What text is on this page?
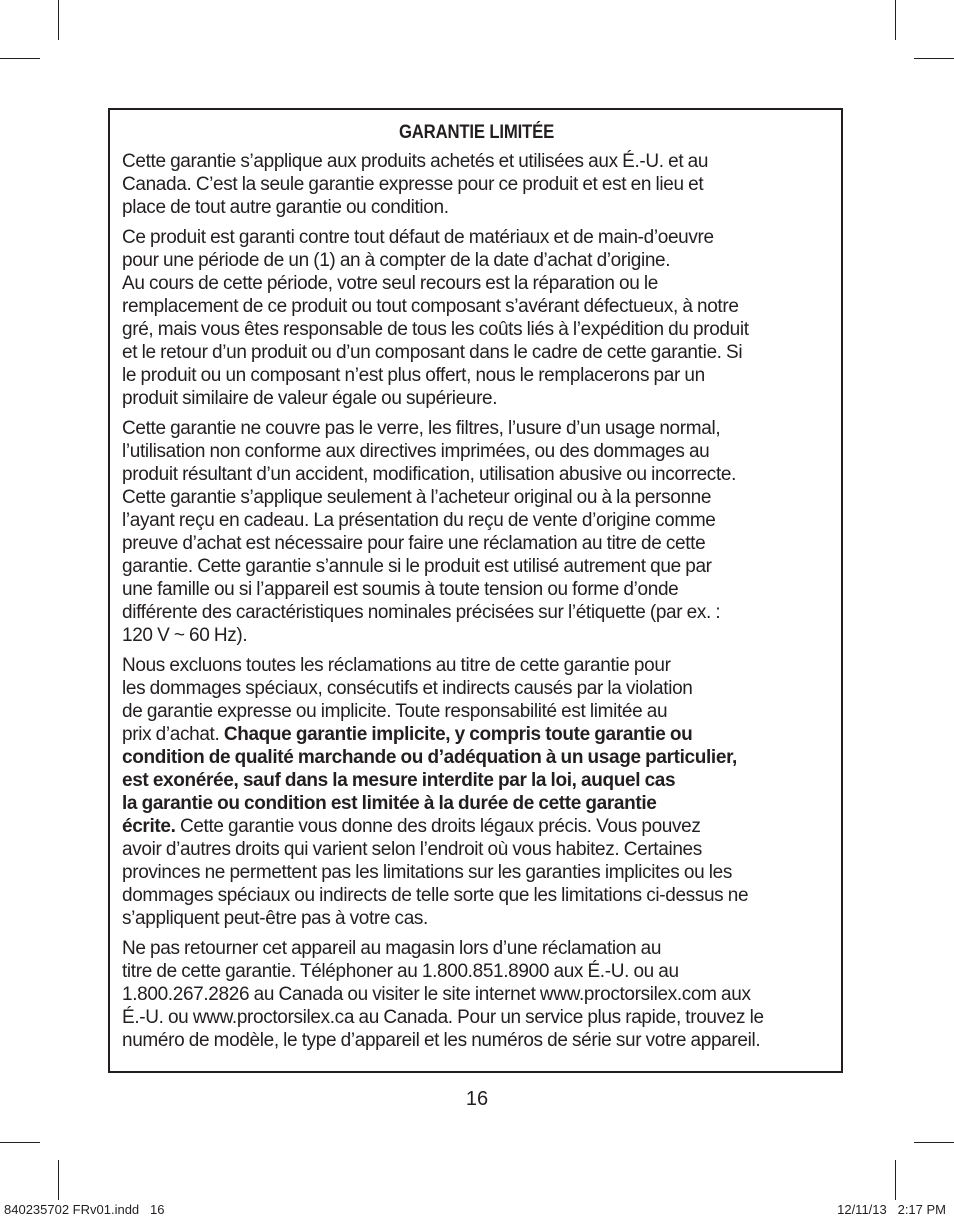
GARANTIE LIMITÉE
Cette garantie s’applique aux produits achetés et utilisées aux É.-U. et au
Canada. C’est la seule garantie expresse pour ce produit et est en lieu et
place de tout autre garantie ou condition.
Ce produit est garanti contre tout défaut de matériaux et de main-d’oeuvre
pour une période de un (1) an à compter de la date d’achat d’origine.
Au cours de cette période, votre seul recours est la réparation ou le
remplacement de ce produit ou tout composant s’avérant défectueux, à notre
gré, mais vous êtes responsable de tous les coûts liés à l’expédition du produit
et le retour d’un produit ou d’un composant dans le cadre de cette garantie. Si
le produit ou un composant n’est plus offert, nous le remplacerons par un
produit similaire de valeur égale ou supérieure.
Cette garantie ne couvre pas le verre, les filtres, l’usure d’un usage normal,
l’utilisation non conforme aux directives imprimées, ou des dommages au
produit résultant d’un accident, modification, utilisation abusive ou incorrecte.
Cette garantie s’applique seulement à l’acheteur original ou à la personne
l’ayant reçu en cadeau. La présentation du reçu de vente d’origine comme
preuve d’achat est nécessaire pour faire une réclamation au titre de cette
garantie. Cette garantie s’annule si le produit est utilisé autrement que par
une famille ou si l’appareil est soumis à toute tension ou forme d’onde
différente des caractéristiques nominales précisées sur l’étiquette (par ex. :
120 V ~ 60 Hz).
Nous excluons toutes les réclamations au titre de cette garantie pour
les dommages spéciaux, consécutifs et indirects causés par la violation
de garantie expresse ou implicite. Toute responsabilité est limitée au
prix d’achat. Chaque garantie implicite, y compris toute garantie ou
condition de qualité marchande ou d’adéquation à un usage particulier,
est exonérée, sauf dans la mesure interdite par la loi, auquel cas
la garantie ou condition est limitée à la durée de cette garantie
écrite. Cette garantie vous donne des droits légaux précis. Vous pouvez
avoir d’autres droits qui varient selon l’endroit où vous habitez. Certaines
provinces ne permettent pas les limitations sur les garanties implicites ou les
dommages spéciaux ou indirects de telle sorte que les limitations ci-dessus ne
s’appliquent peut-être pas à votre cas.
Ne pas retourner cet appareil au magasin lors d’une réclamation au
titre de cette garantie. Téléphoner au 1.800.851.8900 aux É.-U. ou au
1.800.267.2826 au Canada ou visiter le site internet www.proctorsilex.com aux
É.-U. ou www.proctorsilex.ca au Canada. Pour un service plus rapide, trouvez le
numéro de modèle, le type d’appareil et les numéros de série sur votre appareil.
16
840235702 FRv01.indd   16	12/11/13   2:17 PM
